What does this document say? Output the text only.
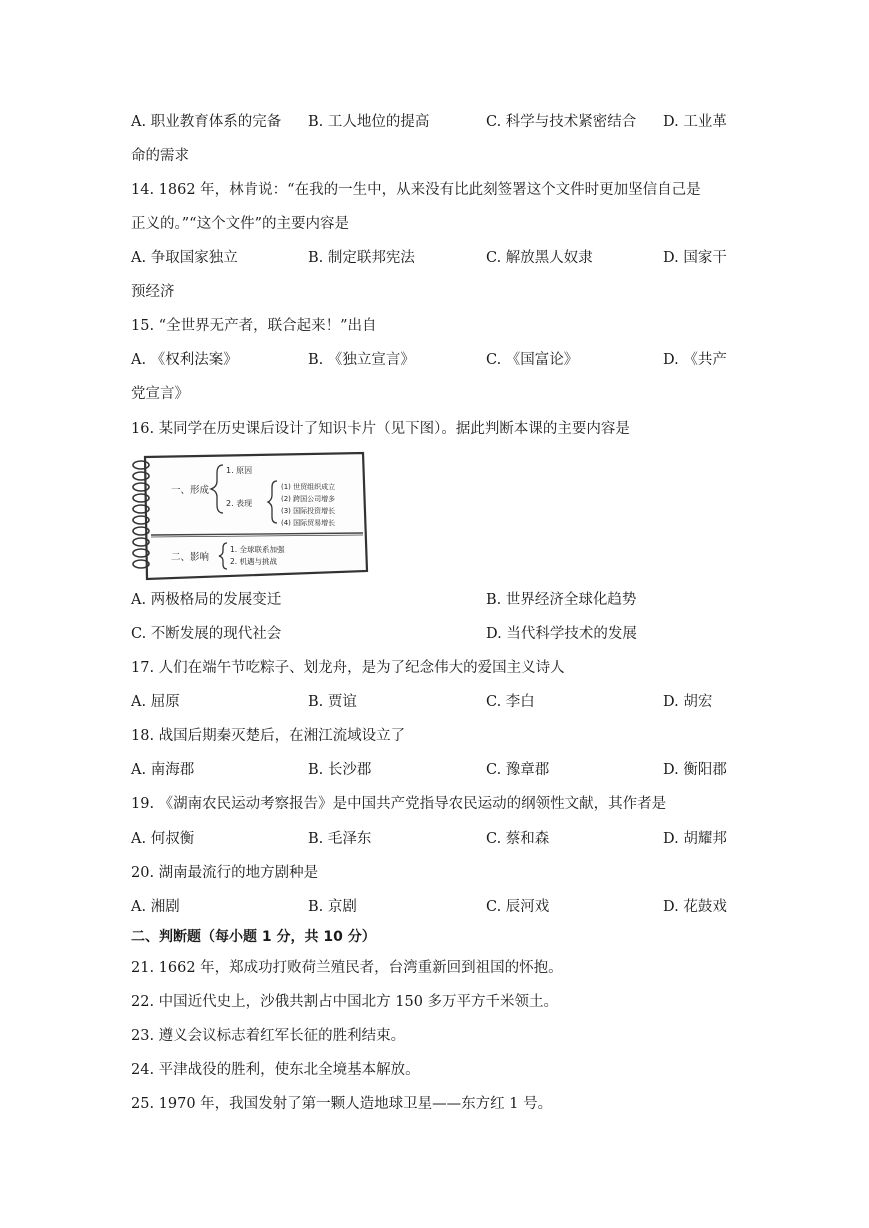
A. 职业教育体系的完备 B. 工人地位的提高	C. 科学与技术紧密结合 D. 工业革
命的需求
14. 1862 年，林肯说：“在我的一生中，从来没有比此刻签署这个文件时更加坚信自己是
正义的。”“这个文件”的主要内容是
A. 争取国家独立	B. 制定联邦宪法	C. 解放黑人奴隶	D. 国家干
预经济
15. “全世界无产者，联合起来！”出自
A. 《权利法案》	B. 《独立宣言》	C. 《国富论》	D. 《共产
党宣言》
16. 某同学在历史课后设计了知识卡片（见下图）。据此判断本课的主要内容是
一、形成
1. 原因
2. 表现
(1) 世贸组织成立
(2) 跨国公司增多
(3) 国际投资增长
(4) 国际贸易增长
二、影响
1. 全球联系加强
2. 机遇与挑战
A. 两极格局的发展变迁	B. 世界经济全球化趋势
C. 不断发展的现代社会	D. 当代科学技术的发展
17. 人们在端午节吃粽子、划龙舟，是为了纪念伟大的爱国主义诗人
A. 屈原	B. 贾谊	C. 李白	D. 胡宏
18. 战国后期秦灭楚后，在湘江流域设立了
A. 南海郡	B. 长沙郡	C. 豫章郡	D. 衡阳郡
19. 《湖南农民运动考察报告》是中国共产党指导农民运动的纲领性文献，其作者是
A. 何叔衡	B. 毛泽东	C. 蔡和森	D. 胡耀邦
20. 湖南最流行的地方剧种是
A. 湘剧	B. 京剧	C. 辰河戏	D. 花鼓戏
二、判断题（每小题 1 分，共 10 分）
21. 1662 年，郑成功打败荷兰殖民者，台湾重新回到祖国的怀抱。
22. 中国近代史上，沙俄共割占中国北方 150 多万平方千米领土。
23. 遵义会议标志着红军长征的胜利结束。
24. 平津战役的胜利，使东北全境基本解放。
25. 1970 年，我国发射了第一颗人造地球卫星——东方红 1 号。
